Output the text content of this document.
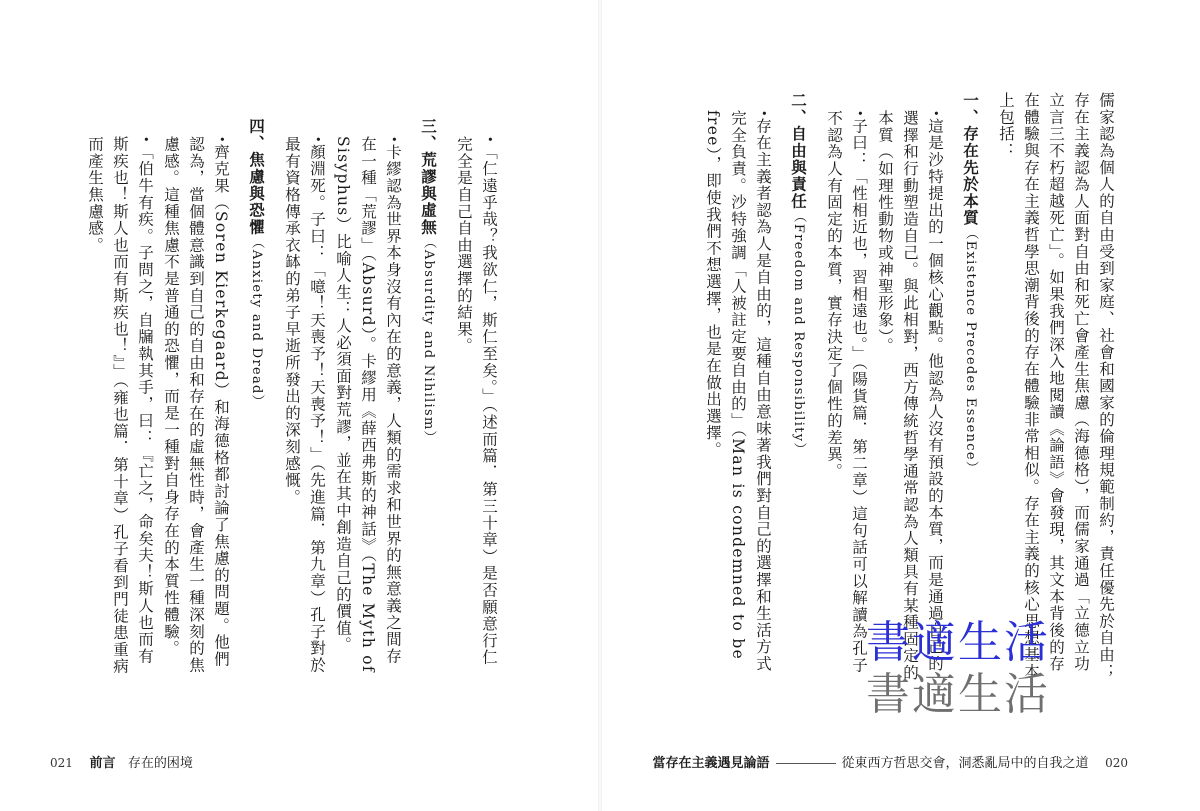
儒家認為個人的自由受到家庭、社會和國家的倫理規範制約，責任優先於自由；存在主義認為人面對自由和死亡會產生焦慮（海德格），而儒家通過「立德立功立言三不朽超越死亡」。如果我們深入地閱讀《論語》會發現，其文本背後的存在體驗與存在主義哲學思潮背後的存在體驗非常相似。存在主義的核心思想基本上包括：

一、存在先於本質（Existence Precedes Essence）

•這是沙特提出的一個核心觀點。他認為人沒有預設的本質，而是通過自己的選擇和行動塑造自己。與此相對，西方傳統哲學通常認為人類具有某種固定的本質（如理性動物或神聖形象）。

•子曰：「性相近也，習相遠也。」（陽貨篇．第二章）這句話可以解讀為孔子不認為人有固定的本質，實存決定了個性的差異。

二、自由與責任（Freedom and Responsibility）

•存在主義者認為人是自由的，這種自由意味著我們對自己的選擇和生活方式完全負責。沙特強調「人被註定要自由的」（Man is condemned to be free），即使我們不想選擇，也是在做出選擇。

•「仁遠乎哉？我欲仁，斯仁至矣。」（述而篇．第三十章）是否願意行仁完全是自己自由選擇的結果。

三、荒謬與虛無（Absurdity and Nihilism）

•卡繆認為世界本身沒有內在的意義，人類的需求和世界的無意義之間存在一種「荒謬」（Absurd）。卡繆用《薛西弗斯的神話》（The Myth of Sisyphus）比喻人生：人必須面對荒謬，並在其中創造自己的價值。

•顏淵死。子曰：「噫！天喪予！天喪予！」（先進篇．第九章）孔子對於最有資格傳承衣缽的弟子早逝所發出的深刻感慨。

四、焦慮與恐懼（Anxiety and Dread）

•齊克果（Soren Kierkegaard）和海德格都討論了焦慮的問題。他們認為，當個體意識到自己的自由和存在的虛無性時，會產生一種深刻的焦慮感。這種焦慮不是普通的恐懼，而是一種對自身存在的本質性體驗。

•「伯牛有疾。子問之，自牖執其手，曰：『亡之，命矣夫！斯人也而有斯疾也！斯人也而有斯疾也！』」（雍也篇．第十章）孔子看到門徒患重病而產生焦慮感。

書適生活
書適生活
021 前言 存在的困境	當存在主義遇見論語	從東西方哲思交會，洞悉亂局中的自我之道 020
